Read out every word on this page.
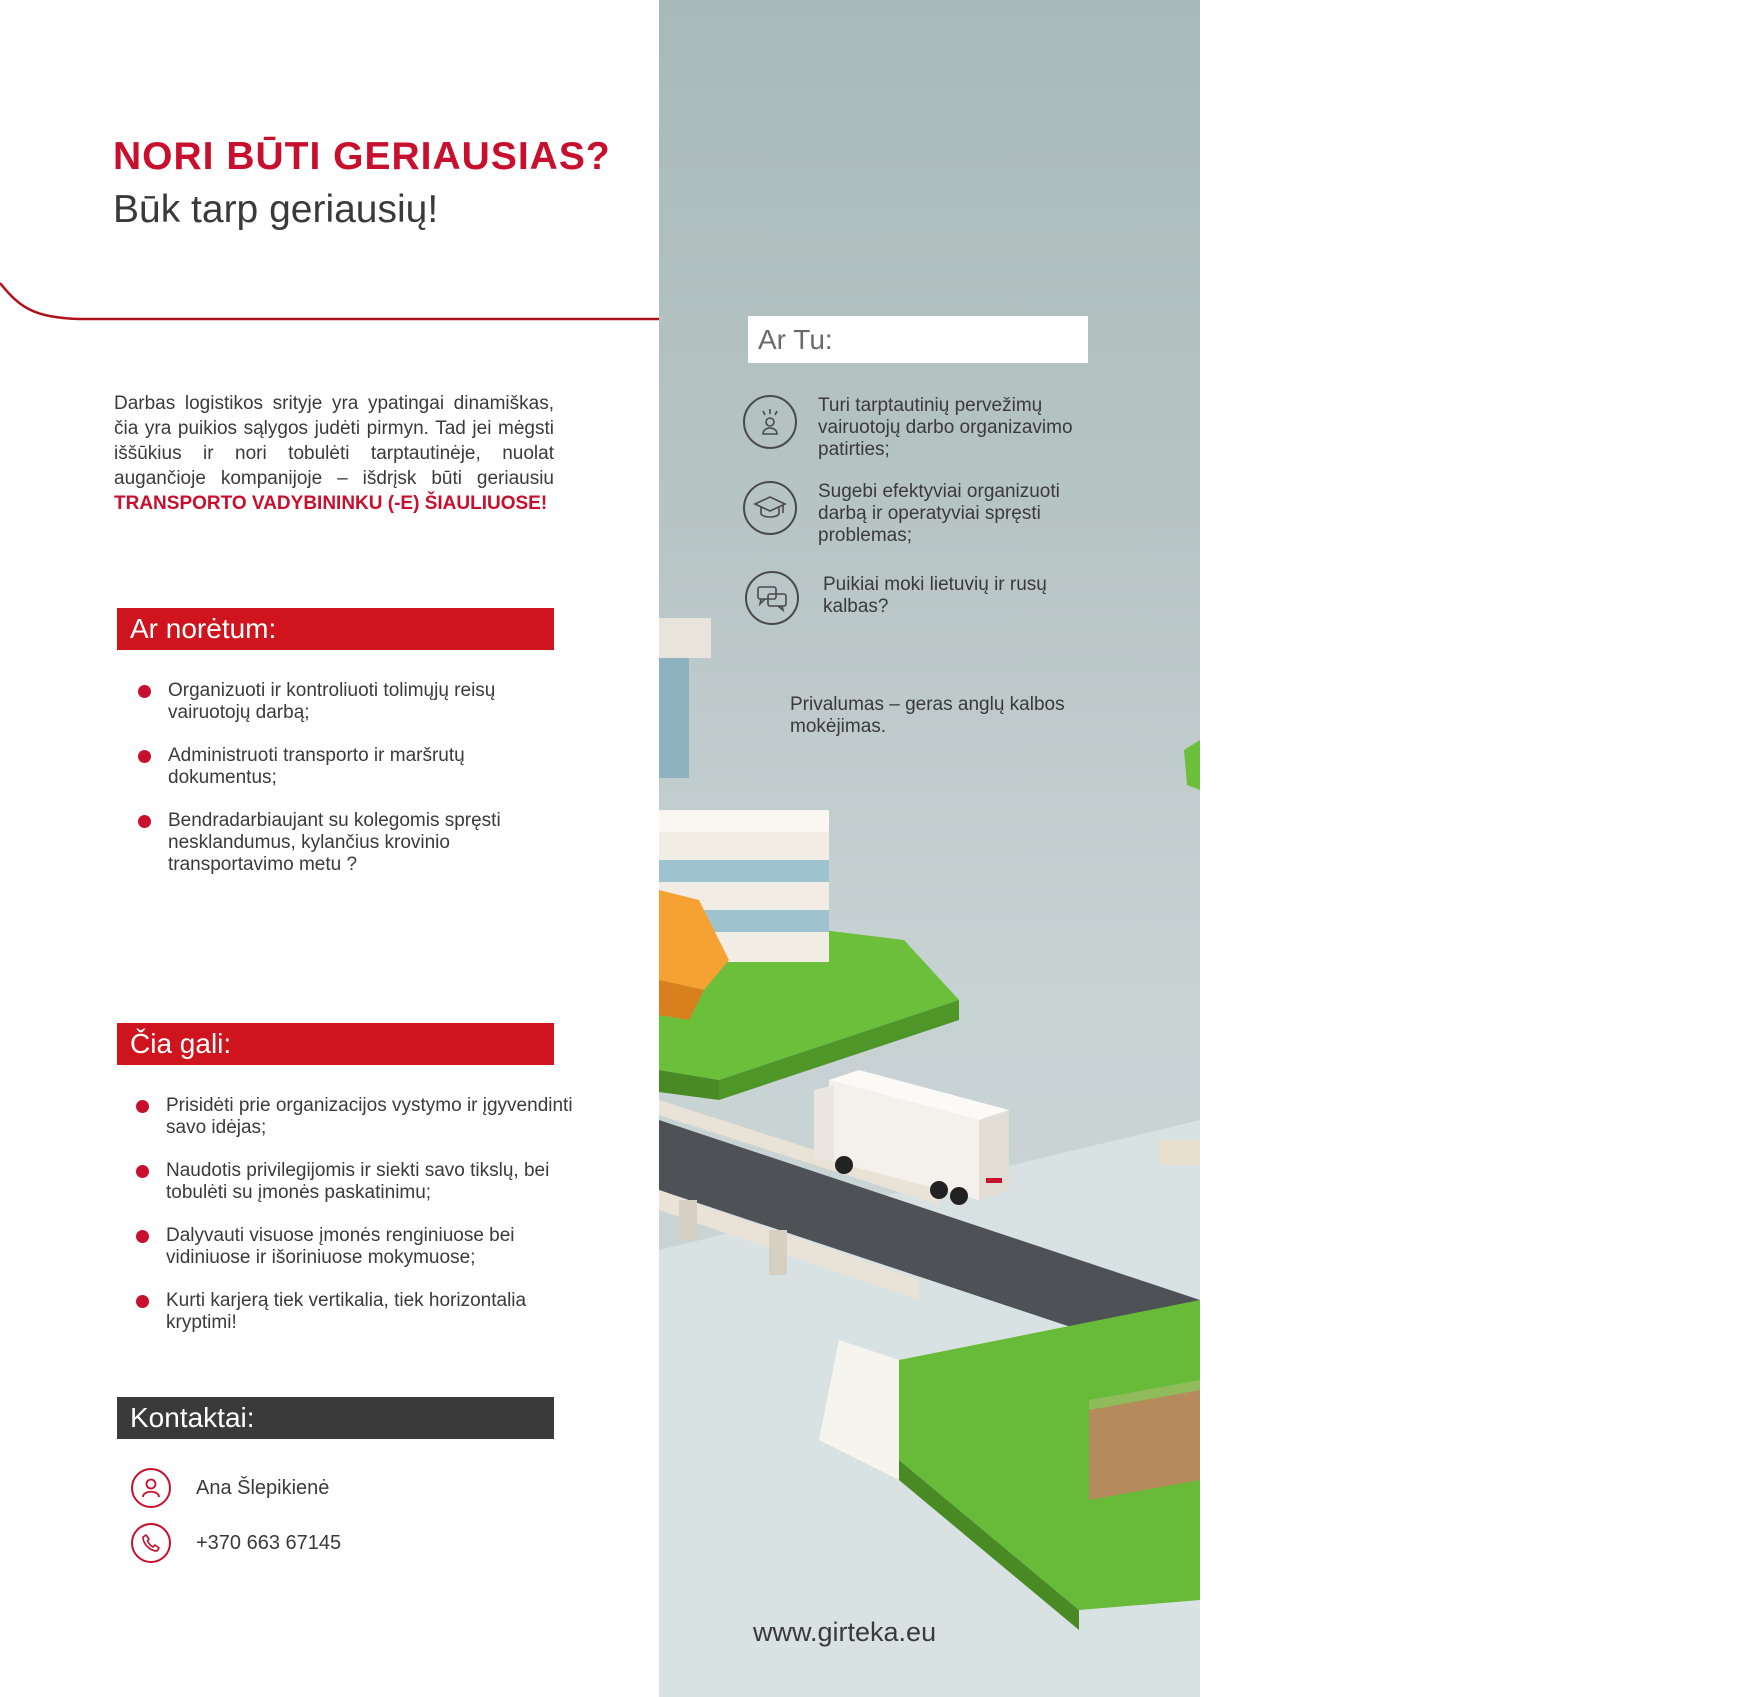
NORI BŪTI GERIAUSIAS?
Būk tarp geriausių!
Darbas logistikos srityje yra ypatingai dinamiškas, čia yra puikios sąlygos judėti pirmyn. Tad jei mėgsti iššūkius ir nori tobulėti tarptautinėje, nuolat augančioje kompanijoje – išdrįsk būti geriausiu TRANSPORTO VADYBININKU (-E) ŠIAULIUOSE!
Ar norėtum:
Organizuoti ir kontroliuoti tolimųjų reisų vairuotojų darbą;
Administruoti transporto ir maršrutų dokumentus;
Bendradarbiaujant su kolegomis spręsti nesklandumus, kylančius krovinio transportavimo metu ?
Čia gali:
Prisidėti prie organizacijos vystymo ir įgyvendinti savo idėjas;
Naudotis privilegijomis ir siekti savo tikslų, bei tobulėti su įmonės paskatinimu;
Dalyvauti visuose įmonės renginiuose bei vidiniuose ir išoriniuose mokymuose;
Kurti karjerą tiek vertikalia, tiek horizontalia kryptimi!
Kontaktai:
Ana Šlepikienė
+370 663 67145
Girteka
LOGISTICS
Ar Tu:
Turi tarptautinių pervežimų vairuotojų darbo organizavimo patirties;
Sugebi efektyviai organizuoti darbą ir operatyviai spręsti problemas;
Puikiai moki lietuvių ir rusų kalbas?
Privalumas – geras anglų kalbos mokėjimas.
www.girteka.eu
